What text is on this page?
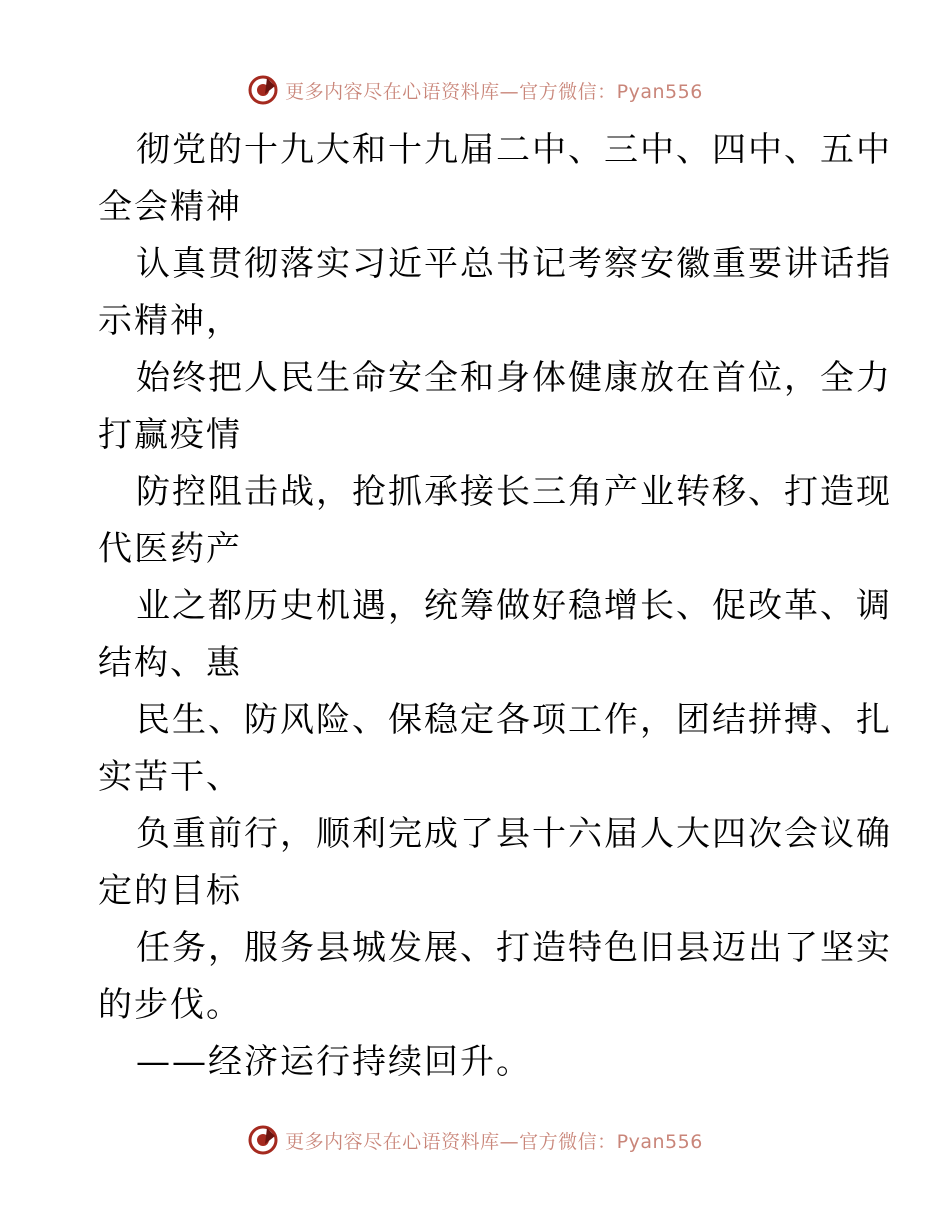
更多内容尽在心语资料库—官方微信：Pyan556

彻党的十九大和十九届二中、三中、四中、五中
全会精神

认真贯彻落实习近平总书记考察安徽重要讲话指
示精神，

始终把人民生命安全和身体健康放在首位，全力
打赢疫情

防控阻击战，抢抓承接长三角产业转移、打造现
代医药产

业之都历史机遇，统筹做好稳增长、促改革、调
结构、惠

民生、防风险、保稳定各项工作，团结拼搏、扎
实苦干、

负重前行，顺利完成了县十六届人大四次会议确
定的目标

任务，服务县城发展、打造特色旧县迈出了坚实
的步伐。

——经济运行持续回升。

更多内容尽在心语资料库—官方微信：Pyan556
